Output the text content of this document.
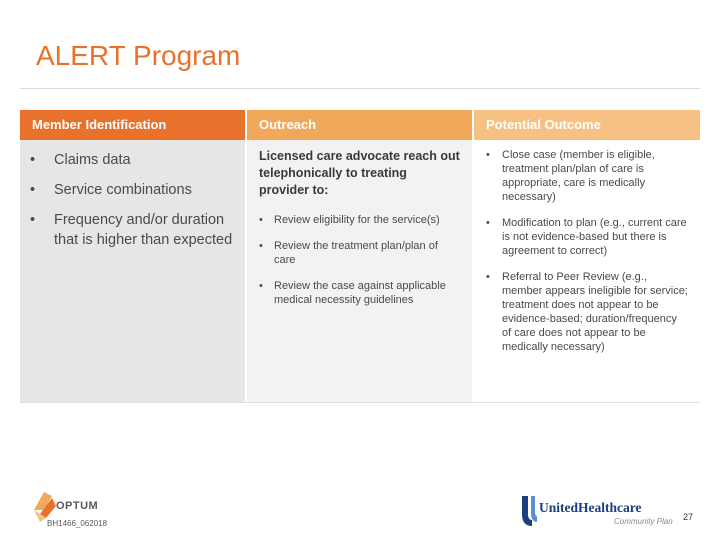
ALERT Program
Member Identification
• Claims data
• Service combinations
• Frequency and/or duration that is higher than expected
Outreach
Licensed care advocate reach out telephonically to treating provider to:
• Review eligibility for the service(s)
• Review the treatment plan/plan of care
• Review the case against applicable medical necessity guidelines
Potential Outcome
• Close case (member is eligible, treatment plan/plan of care is appropriate, care is medically necessary)
• Modification to plan (e.g., current care is not evidence-based but there is agreement to correct)
• Referral to Peer Review (e.g., member appears ineligible for service; treatment does not appear to be evidence-based; duration/frequency of care does not appear to be medically necessary)
OPTUM
BH1466_062018
UnitedHealthcare
Community Plan 27
